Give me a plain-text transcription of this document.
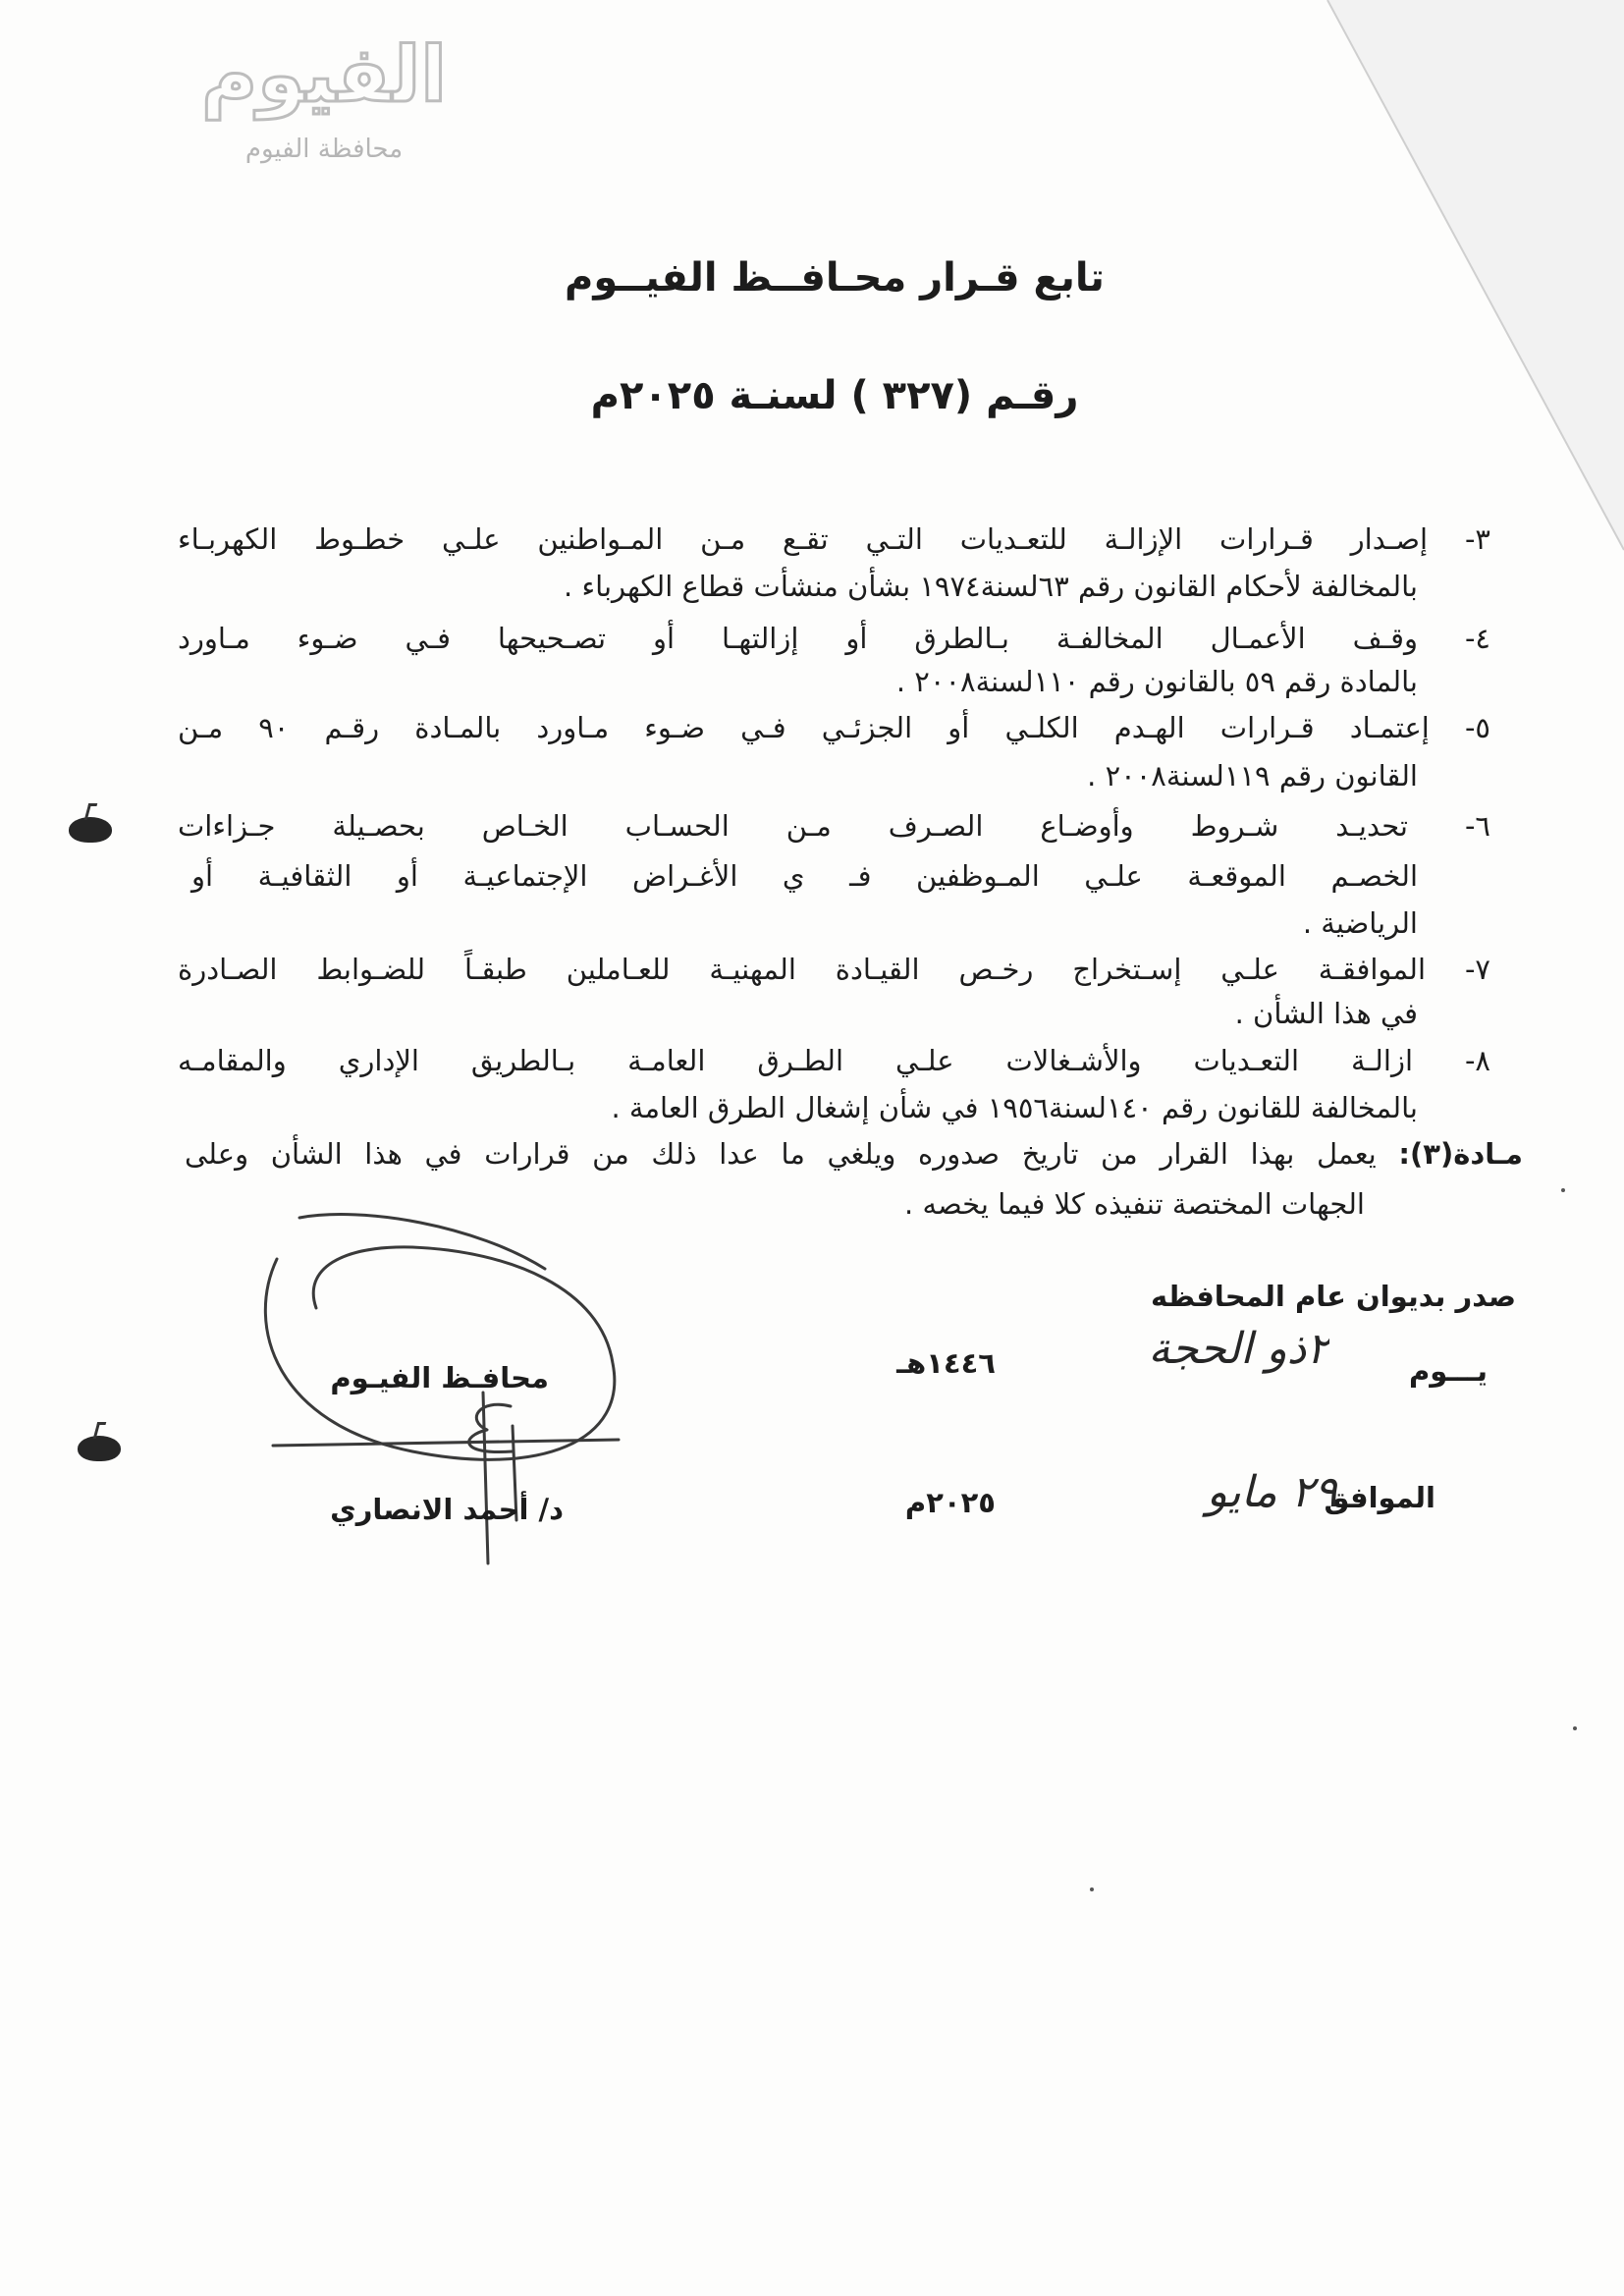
الفيوم
محافظة الفيوم
تابع قـرار محـافــظ الفيــوم
رقـم (٣٢٧ ) لسنـة ٢٠٢٥م
٣- إصـدار قـرارات الإزالـة للتعـديات التـي تقـع مـن المـواطنين علـي خطـوط الكهربـاء
بالمخالفة لأحكام القانون رقم ٦٣لسنة١٩٧٤ بشأن منشأت قطاع الكهرباء .
٤- وقـف الأعمـال المخالفـة بـالطرق أو إزالتهـا أو تصـحيحها فـي ضـوء مـاورد
بالمادة رقم ٥٩ بالقانون رقم ١١٠لسنة٢٠٠٨ .
٥- إعتمـاد قـرارات الهـدم الكلـي أو الجزئـي فـي ضـوء مـاورد بالمـادة رقـم ٩٠ مـن
القانون رقم ١١٩لسنة٢٠٠٨ .
٦- تحديـد شـروط وأوضـاع الصـرف مـن الحسـاب الخـاص بحصـيلة جـزاءات
الخصـم الموقعـة علـي المـوظفين فـ ي الأغـراض الإجتماعيـة أو الثقافيـة أو
الرياضية .
٧- الموافقـة علـي إسـتخراج رخـص القيـادة المهنيـة للعـاملين طبقـاً للضـوابط الصـادرة
في هذا الشأن .
٨- ازالـة التعـديات والأشـغالات علـي الطـرق العامـة بـالطريق الإداري والمقامـه
بالمخالفة للقانون رقم ١٤٠لسنة١٩٥٦ في شأن إشغال الطرق العامة .
مـادة(٣): يعمل بهذا القرار من تاريخ صدوره ويلغي ما عدا ذلك من قرارات في هذا الشأن وعلى
الجهات المختصة تنفيذه كلا فيما يخصه .
صدر بديوان عام المحافظه
يـــوم
٢ذو الحجة
١٤٤٦هـ
الموافق
٢٩ مايو
٢٠٢٥م
محافـظ الفيـوم
د/ أحمد الانصاري
